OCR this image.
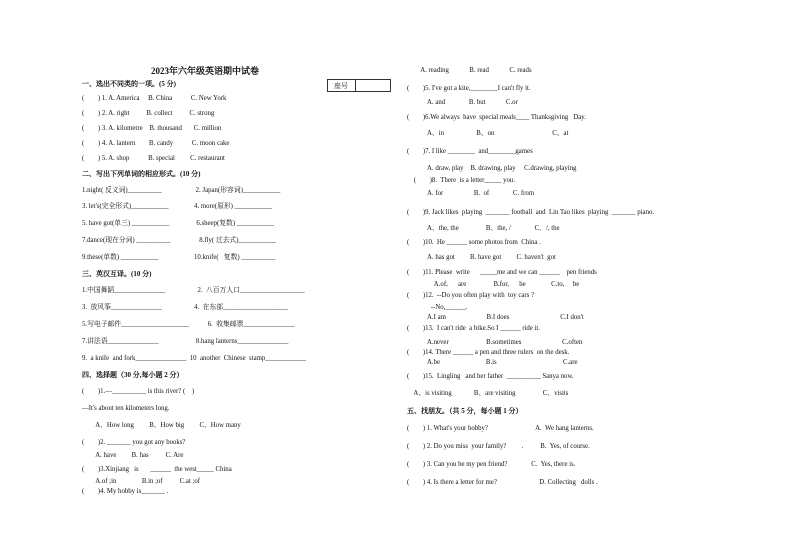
2023年六年级英语期中试卷
座号
一、选出不同类的一项。(5 分)
(        ) 1. A. America     B. China           C. New York
(        ) 2. A. right          B. collect          C. strong
(        ) 3. A. kilometre    B. thousand       C. million
(        ) 4. A. lantern        B. candy           C. moon cake
(        ) 5. A. shop           B. special         C. restaurant
二、写出下列单词的相应形式。(10 分)
1.night( 反义词)__________                    2. Japan(形容词)___________
3. let's(完全形式)___________               4. more(原形) ___________
5. have got(单三) ___________                6.sheep(复数) ___________
7.dance(现在分词) __________                 8.fly( 过去式)___________
9.these(单数) ___________                     10.knife(   复数) __________
三、英汉互译。(10 分)
1.中国舞蹈_______________                   2.  八百万人口___________________
3.  放风筝_______________                   4.  在东部___________________
5.写电子邮件____________________           6.  收集邮票_______________
7.讲法语_______________                      8.hang lanterns_______________
9.  a knife  and fork_______________  10  another  Chinese  stamp____________
四、选择题（30 分,每小题 2 分）
(        )1.—__________ is this river? (    )
—It's about ten kilometers long.
A、How long         B、How big         C、How many
(        )2. _______ you got any books?
A. have         B. has          C. Are
(        )3.Xinjiang   is       ______  the west_____ China
A.of ;in               B.in ;of          C.at ;of
(        )4. My hobby is_______ .
A. reading            B. read            C. reads
(        )5. I've got a kite,________I can't fly it.
A. and              B. but            C.or
(        )6.We always  have  special meals____ Thanksgiving   Day.
A、in                   B、on                                  C、at
(        )7. I like ________  and________games
A. draw, play    B. drawing, play     C.drawing, playing
(        )8.  There  is a letter_____ you.
A. for                  B.  of              C. from
(        )9. Jack likes  playing  _______ football  and  Lin Tao likes  playing  _______ piano.
A、the, the                B、the, /              C、/, the
(        )10.  He ______ some photos from  China .
A. has got         B. have got         C. haven't  got
(        )11. Please  write      _____me and we can ______    pen friends
A.of,      are                B.for,      be               C.to,     be
(        )12.  --Do you often play with  toy cars ?
--No,______.
A.I am                        B.I does                              C.I don't
(        )13.  I can't ride  a bike.So I ______ ride it.
A.never                      B.sometimes                        C.often
(        )14. There ______ a pen and three rulers  on the desk.
A.be                           B.is                                       C.are
(        )15.  Lingling   and her father  __________ Sanya now.
A、is visiting             B、are visiting                C、visits
五、找朋友。（共 5 分，每小题 1 分）
(        ) 1. What's your hobby?                            A.  We hang lanterns.
(        ) 2. Do you miss  your family?         .          B.  Yes, of course.
(        ) 3. Can you be my pen friend?              C.  Yes, there is.
(        ) 4. Is there a letter for me?                         D. Collecting   dolls .
